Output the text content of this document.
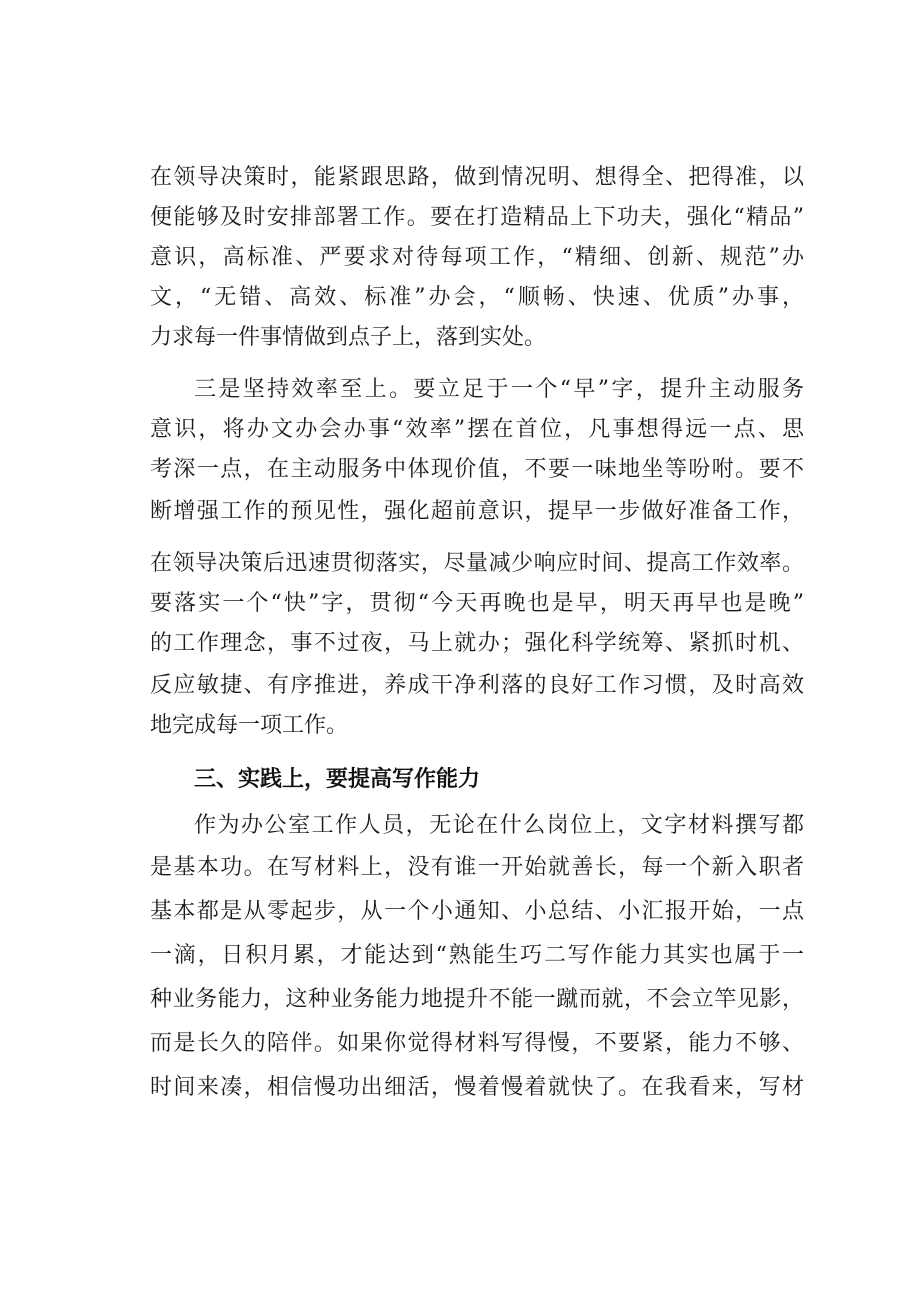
在领导决策时，能紧跟思路，做到情况明、想得全、把得准，以
便能够及时安排部署工作。要在打造精品上下功夫，强化“精品”
意识，高标准、严要求对待每项工作，“精细、创新、规范”办
文，“无错、高效、标准”办会，“顺畅、快速、优质”办事，
力求每一件事情做到点子上，落到实处。
三是坚持效率至上。要立足于一个“早”字，提升主动服务
意识，将办文办会办事“效率”摆在首位，凡事想得远一点、思
考深一点，在主动服务中体现价值，不要一味地坐等吩咐。要不
断增强工作的预见性，强化超前意识，提早一步做好准备工作，
在领导决策后迅速贯彻落实，尽量减少响应时间、提高工作效率。
要落实一个“快”字，贯彻“今天再晚也是早，明天再早也是晚”
的工作理念，事不过夜，马上就办；强化科学统筹、紧抓时机、
反应敏捷、有序推进，养成干净利落的良好工作习惯，及时高效
地完成每一项工作。
三、实践上，要提高写作能力
作为办公室工作人员，无论在什么岗位上，文字材料撰写都
是基本功。在写材料上，没有谁一开始就善长，每一个新入职者
基本都是从零起步，从一个小通知、小总结、小汇报开始，一点
一滴，日积月累，才能达到“熟能生巧二写作能力其实也属于一
种业务能力，这种业务能力地提升不能一蹴而就，不会立竿见影，
而是长久的陪伴。如果你觉得材料写得慢，不要紧，能力不够、
时间来凑，相信慢功出细活，慢着慢着就快了。在我看来，写材
